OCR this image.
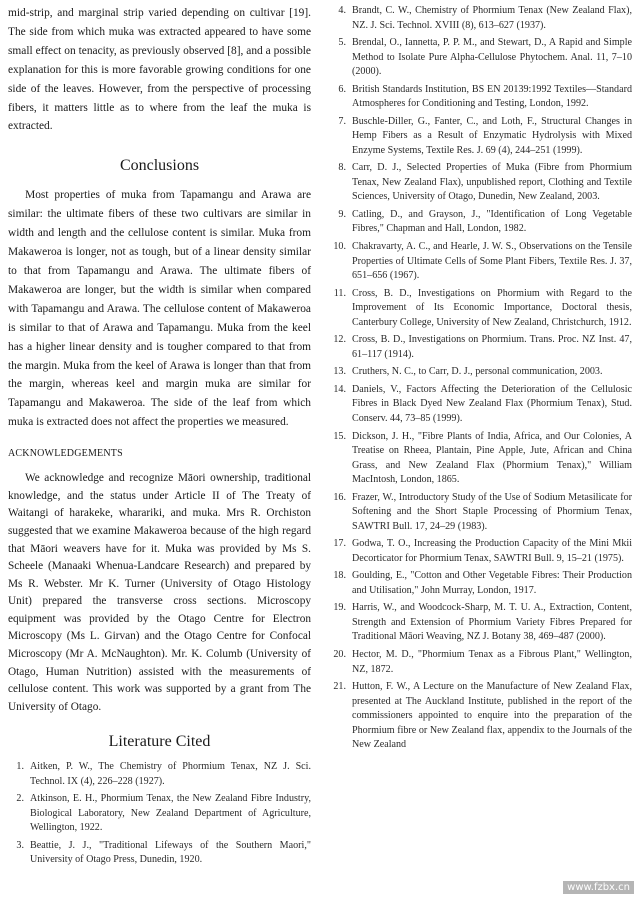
mid-strip, and marginal strip varied depending on cultivar [19]. The side from which muka was extracted appeared to have some small effect on tenacity, as previously observed [8], and a possible explanation for this is more favorable growing conditions for one side of the leaves. However, from the perspective of processing fibers, it matters little as to where from the leaf the muka is extracted.

Conclusions

Most properties of muka from Tapamangu and Arawa are similar: the ultimate fibers of these two cultivars are similar in width and length and the cellulose content is similar. Muka from Makaweroa is longer, not as tough, but of a linear density similar to that from Tapamangu and Arawa. The ultimate fibers of Makaweroa are longer, but the width is similar when compared with Tapamangu and Arawa. The cellulose content of Makaweroa is similar to that of Arawa and Tapamangu. Muka from the keel has a higher linear density and is tougher compared to that from the margin. Muka from the keel of Arawa is longer than that from the margin, whereas keel and margin muka are similar for Tapamangu and Makaweroa. The side of the leaf from which muka is extracted does not affect the properties we measured.

ACKNOWLEDGEMENTS

We acknowledge and recognize Māori ownership, traditional knowledge, and the status under Article II of The Treaty of Waitangi of harakeke, wharariki, and muka. Mrs R. Orchiston suggested that we examine Makaweroa because of the high regard that Māori weavers have for it. Muka was provided by Ms S. Scheele (Manaaki Whenua-Landcare Research) and prepared by Ms R. Webster. Mr K. Turner (University of Otago Histology Unit) prepared the transverse cross sections. Microscopy equipment was provided by the Otago Centre for Electron Microscopy (Ms L. Girvan) and the Otago Centre for Confocal Microscopy (Mr A. McNaughton). Mr. K. Columb (University of Otago, Human Nutrition) assisted with the measurements of cellulose content. This work was supported by a grant from The University of Otago.

Literature Cited
1. Aitken, P. W., The Chemistry of Phormium Tenax, NZ J. Sci. Technol. IX (4), 226–228 (1927).
2. Atkinson, E. H., Phormium Tenax, the New Zealand Fibre Industry, Biological Laboratory, New Zealand Department of Agriculture, Wellington, 1922.
3. Beattie, J. J., "Traditional Lifeways of the Southern Maori," University of Otago Press, Dunedin, 1920.
4. Brandt, C. W., Chemistry of Phormium Tenax (New Zealand Flax), NZ. J. Sci. Technol. XVIII (8), 613–627 (1937).
5. Brendal, O., Iannetta, P. P. M., and Stewart, D., A Rapid and Simple Method to Isolate Pure Alpha-Cellulose Phytochem. Anal. 11, 7–10 (2000).
6. British Standards Institution, BS EN 20139:1992 Textiles—Standard Atmospheres for Conditioning and Testing, London, 1992.
7. Buschle-Diller, G., Fanter, C., and Loth, F., Structural Changes in Hemp Fibers as a Result of Enzymatic Hydrolysis with Mixed Enzyme Systems, Textile Res. J. 69 (4), 244–251 (1999).
8. Carr, D. J., Selected Properties of Muka (Fibre from Phormium Tenax, New Zealand Flax), unpublished report, Clothing and Textile Sciences, University of Otago, Dunedin, New Zealand, 2003.
9. Catling, D., and Grayson, J., "Identification of Long Vegetable Fibres," Chapman and Hall, London, 1982.
10. Chakravarty, A. C., and Hearle, J. W. S., Observations on the Tensile Properties of Ultimate Cells of Some Plant Fibers, Textile Res. J. 37, 651–656 (1967).
11. Cross, B. D., Investigations on Phormium with Regard to the Improvement of Its Economic Importance, Doctoral thesis, Canterbury College, University of New Zealand, Christchurch, 1912.
12. Cross, B. D., Investigations on Phormium. Trans. Proc. NZ Inst. 47, 61–117 (1914).
13. Cruthers, N. C., to Carr, D. J., personal communication, 2003.
14. Daniels, V., Factors Affecting the Deterioration of the Cellulosic Fibres in Black Dyed New Zealand Flax (Phormium Tenax), Stud. Conserv. 44, 73–85 (1999).
15. Dickson, J. H., "Fibre Plants of India, Africa, and Our Colonies, A Treatise on Rheea, Plantain, Pine Apple, Jute, African and China Grass, and New Zealand Flax (Phormium Tenax)," William MacIntosh, London, 1865.
16. Frazer, W., Introductory Study of the Use of Sodium Metasilicate for Softening and the Short Staple Processing of Phormium Tenax, SAWTRI Bull. 17, 24–29 (1983).
17. Godwa, T. O., Increasing the Production Capacity of the Mini Mkii Decorticator for Phormium Tenax, SAWTRI Bull. 9, 15–21 (1975).
18. Goulding, E., "Cotton and Other Vegetable Fibres: Their Production and Utilisation," John Murray, London, 1917.
19. Harris, W., and Woodcock-Sharp, M. T. U. A., Extraction, Content, Strength and Extension of Phormium Variety Fibres Prepared for Traditional Māori Weaving, NZ J. Botany 38, 469–487 (2000).
20. Hector, M. D., "Phormium Tenax as a Fibrous Plant," Wellington, NZ, 1872.
21. Hutton, F. W., A Lecture on the Manufacture of New Zealand Flax, presented at The Auckland Institute, published in the report of the commissioners appointed to enquire into the preparation of the Phormium fibre or New Zealand flax, appendix to the Journals of the New Zealand
www.fzbx.cn
